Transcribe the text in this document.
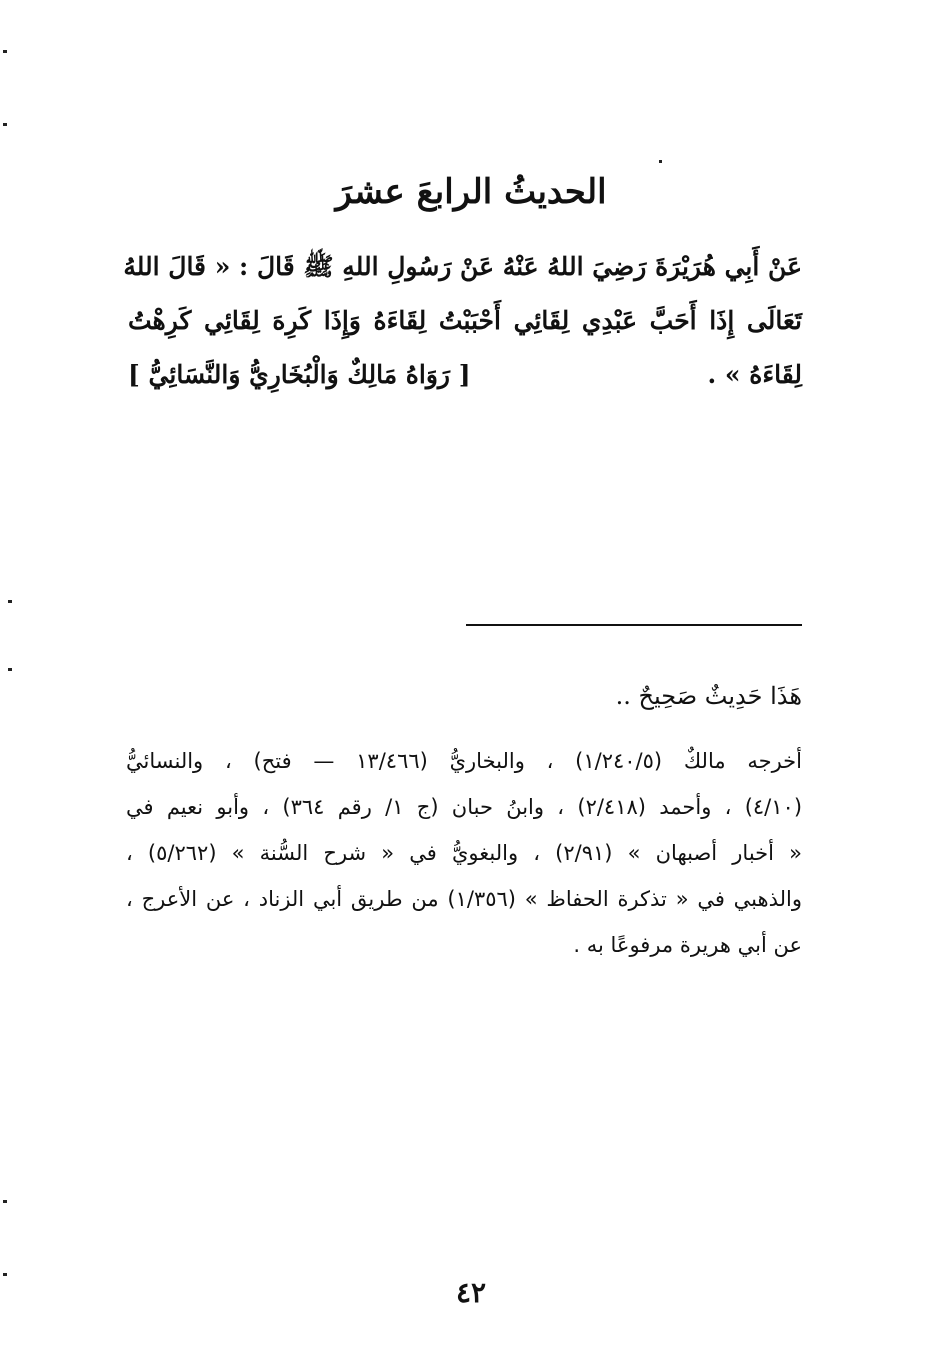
الحديثُ الرابعَ عشرَ
عَنْ أَبِي هُرَيْرَةَ رَضِيَ اللهُ عَنْهُ عَنْ رَسُولِ اللهِ ﷺ قَالَ : « قَالَ اللهُ
تَعَالَى إِذَا أَحَبَّ عَبْدِي لِقَائِي أَحْبَبْتُ لِقَاءَهُ وَإِذَا كَرِهَ لِقَائِي كَرِهْتُ
لِقَاءَهُ » .
[ رَوَاهُ مَالِكٌ وَالْبُخَارِيُّ وَالنَّسَائِيُّ ]
هَذَا حَدِيثٌ صَحِيحٌ ..
أخرجه مالكٌ (١/٢٤٠/٥) ، والبخاريُّ (١٣/٤٦٦ — فتح) ، والنسائيُّ
(٤/١٠) ، وأحمد (٢/٤١٨) ، وابنُ حبان (ج ١/ رقم ٣٦٤) ، وأبو نعيم في
« أخبار أصبهان » (٢/٩١) ، والبغويُّ في « شرح السُّنة » (٥/٢٦٢) ،
والذهبي في « تذكرة الحفاظ » (١/٣٥٦) من طريق أبي الزناد ، عن الأعرج ،
عن أبي هريرة مرفوعًا به .
٤٢
